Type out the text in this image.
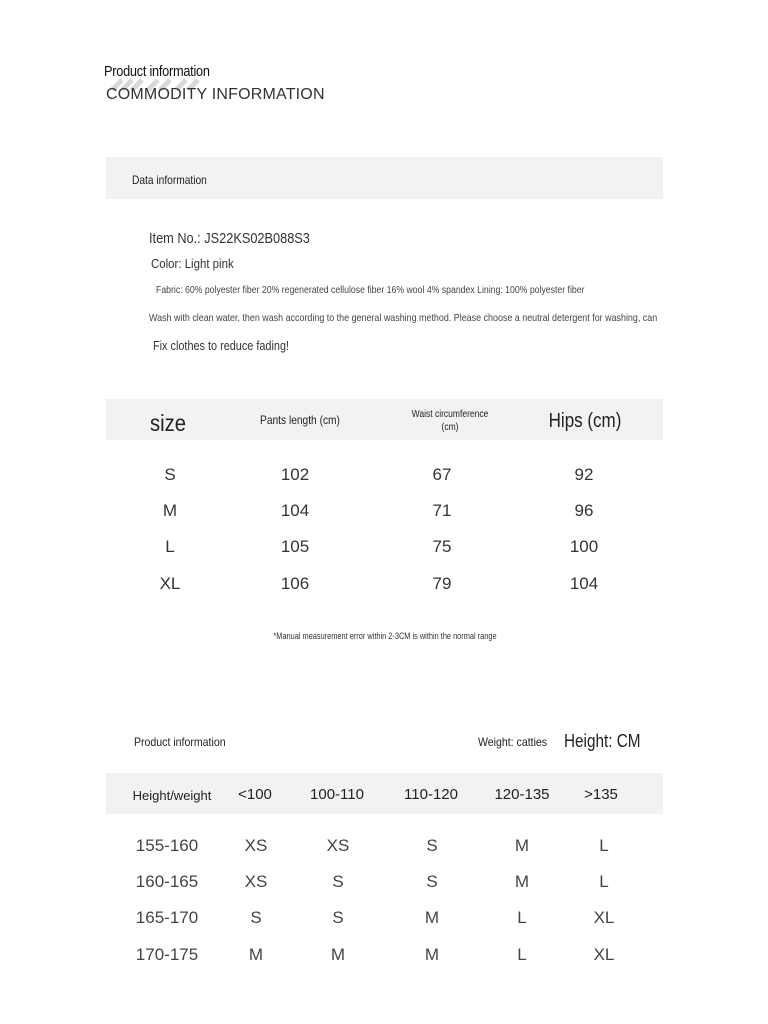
Product information
COMMODITY INFORMATION
Data information
Item No.: JS22KS02B088S3
Color: Light pink
Fabric: 60% polyester fiber 20% regenerated cellulose fiber 16% wool 4% spandex Lining: 100% polyester fiber
Wash with clean water, then wash according to the general washing method. Please choose a neutral detergent for washing, can
Fix clothes to reduce fading!
size	Pants length (cm)	Waist circumference
(cm)	Hips (cm)
S	102	67	92
M	104	71	96
L	105	75	100
XL	106	79	104
*Manual measurement error within 2-3CM is within the normal range
Product information	Weight: catties Height: CM
Height/weight	<100	100-110	110-120	120-135	>135
155-160	XS	XS	S	M	L
160-165	XS	S	S	M	L
165-170	S	S	M	L	XL
170-175	M	M	M	L	XL
